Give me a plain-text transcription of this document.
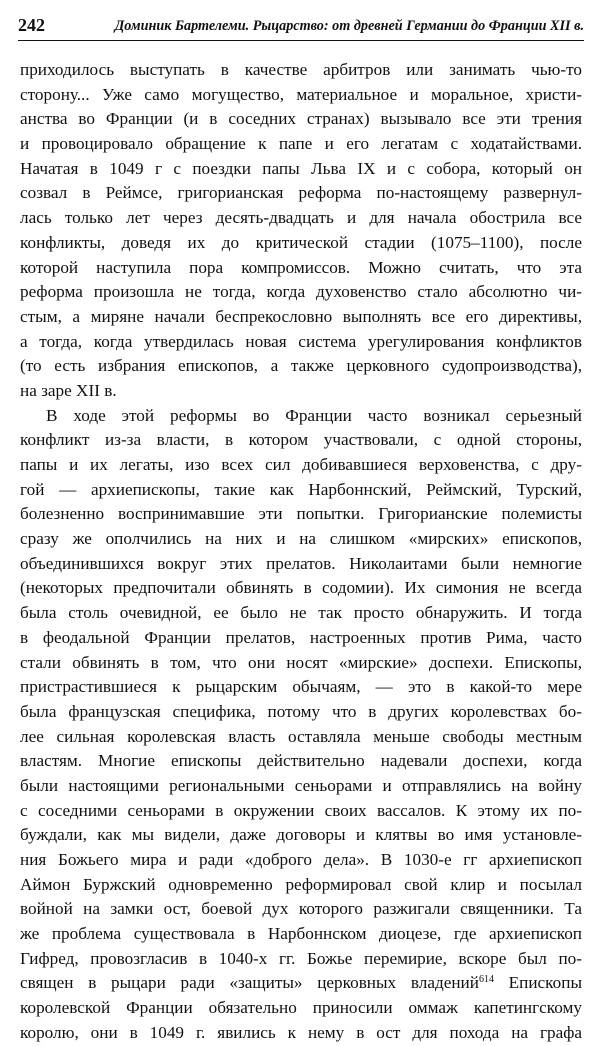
242	Доминик Бартелеми. Рыцарство: от древней Германии до Франции XII в.
приходилось выступать в качестве арбитров или занимать чью-то
сторону... Уже само могущество, материальное и моральное, христи-
анства во Франции (и в соседних странах) вызывало все эти трения
и провоцировало обращение к папе и его легатам с ходатайствами.
Начатая в 1049 г с поездки папы Льва IX и с собора, который он
созвал в Реймсе, григорианская реформа по-настоящему развернул-
лась только лет через десять-двадцать и для начала обострила все
конфликты, доведя их до критической стадии (1075–1100), после
которой наступила пора компромиссов. Можно считать, что эта
реформа произошла не тогда, когда духовенство стало абсолютно чи-
стым, а миряне начали беспрекословно выполнять все его директивы,
а тогда, когда утвердилась новая система урегулирования конфликтов
(то есть избрания епископов, а также церковного судопроизводства),
на заре XII в.
В ходе этой реформы во Франции часто возникал серьезный
конфликт из-за власти, в котором участвовали, с одной стороны,
папы и их легаты, изо всех сил добивавшиеся верховенства, с дру-
гой — архиепископы, такие как Нарбоннский, Реймский, Турский,
болезненно воспринимавшие эти попытки. Григорианские полемисты
сразу же ополчились на них и на слишком «мирских» епископов,
объединившихся вокруг этих прелатов. Николаитами были немногие
(некоторых предпочитали обвинять в содомии). Их симония не всегда
была столь очевидной, ее было не так просто обнаружить. И тогда
в феодальной Франции прелатов, настроенных против Рима, часто
стали обвинять в том, что они носят «мирские» доспехи. Епископы,
пристрастившиеся к рыцарским обычаям, — это в какой-то мере
была французская специфика, потому что в других королевствах бо-
лее сильная королевская власть оставляла меньше свободы местным
властям. Многие епископы действительно надевали доспехи, когда
были настоящими региональными сеньорами и отправлялись на войну
с соседними сеньорами в окружении своих вассалов. К этому их по-
буждали, как мы видели, даже договоры и клятвы во имя установле-
ния Божьего мира и ради «доброго дела». В 1030-е гг архиепископ
Аймон Буржский одновременно реформировал свой клир и посылал
войной на замки ост, боевой дух которого разжигали священники. Та
же проблема существовала в Нарбоннском диоцезе, где архиепископ
Гифред, провозгласив в 1040-х гг. Божье перемирие, вскоре был по-
священ в рыцари ради «защиты» церковных владений$^{614}$ Епископы
королевской Франции обязательно приносили оммаж капетингскому
королю, они в 1049 г. явились к нему в ост для похода на графа
